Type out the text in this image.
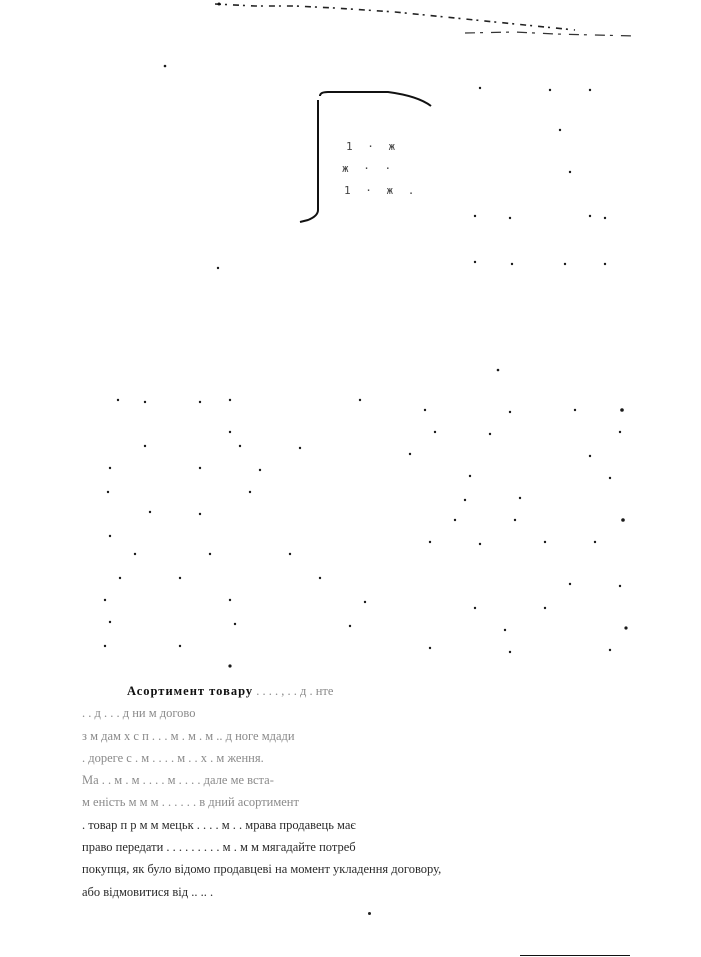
1 · ж
ж · ·
1 · ж .
Асортимент товару . . . . , . . д . нте
. . д . . . д ни м догово
з м дам х с п . . . м . м . м .. д ноге мдади
. дореге с . м . . . . м . . х . м ження.
Ма . . м . м . . . . м . . . . дале ме вста-
м еність м м м . . . . . . в дний асортимент
. товар п р м м мецьк . . . . м . . мрава продавець має
право передати . . . . . . . . . м . м м мягадайте потреб
покупця, як було відомо продавцеві на момент укладення договору,
або відмовитися від .. .. .
